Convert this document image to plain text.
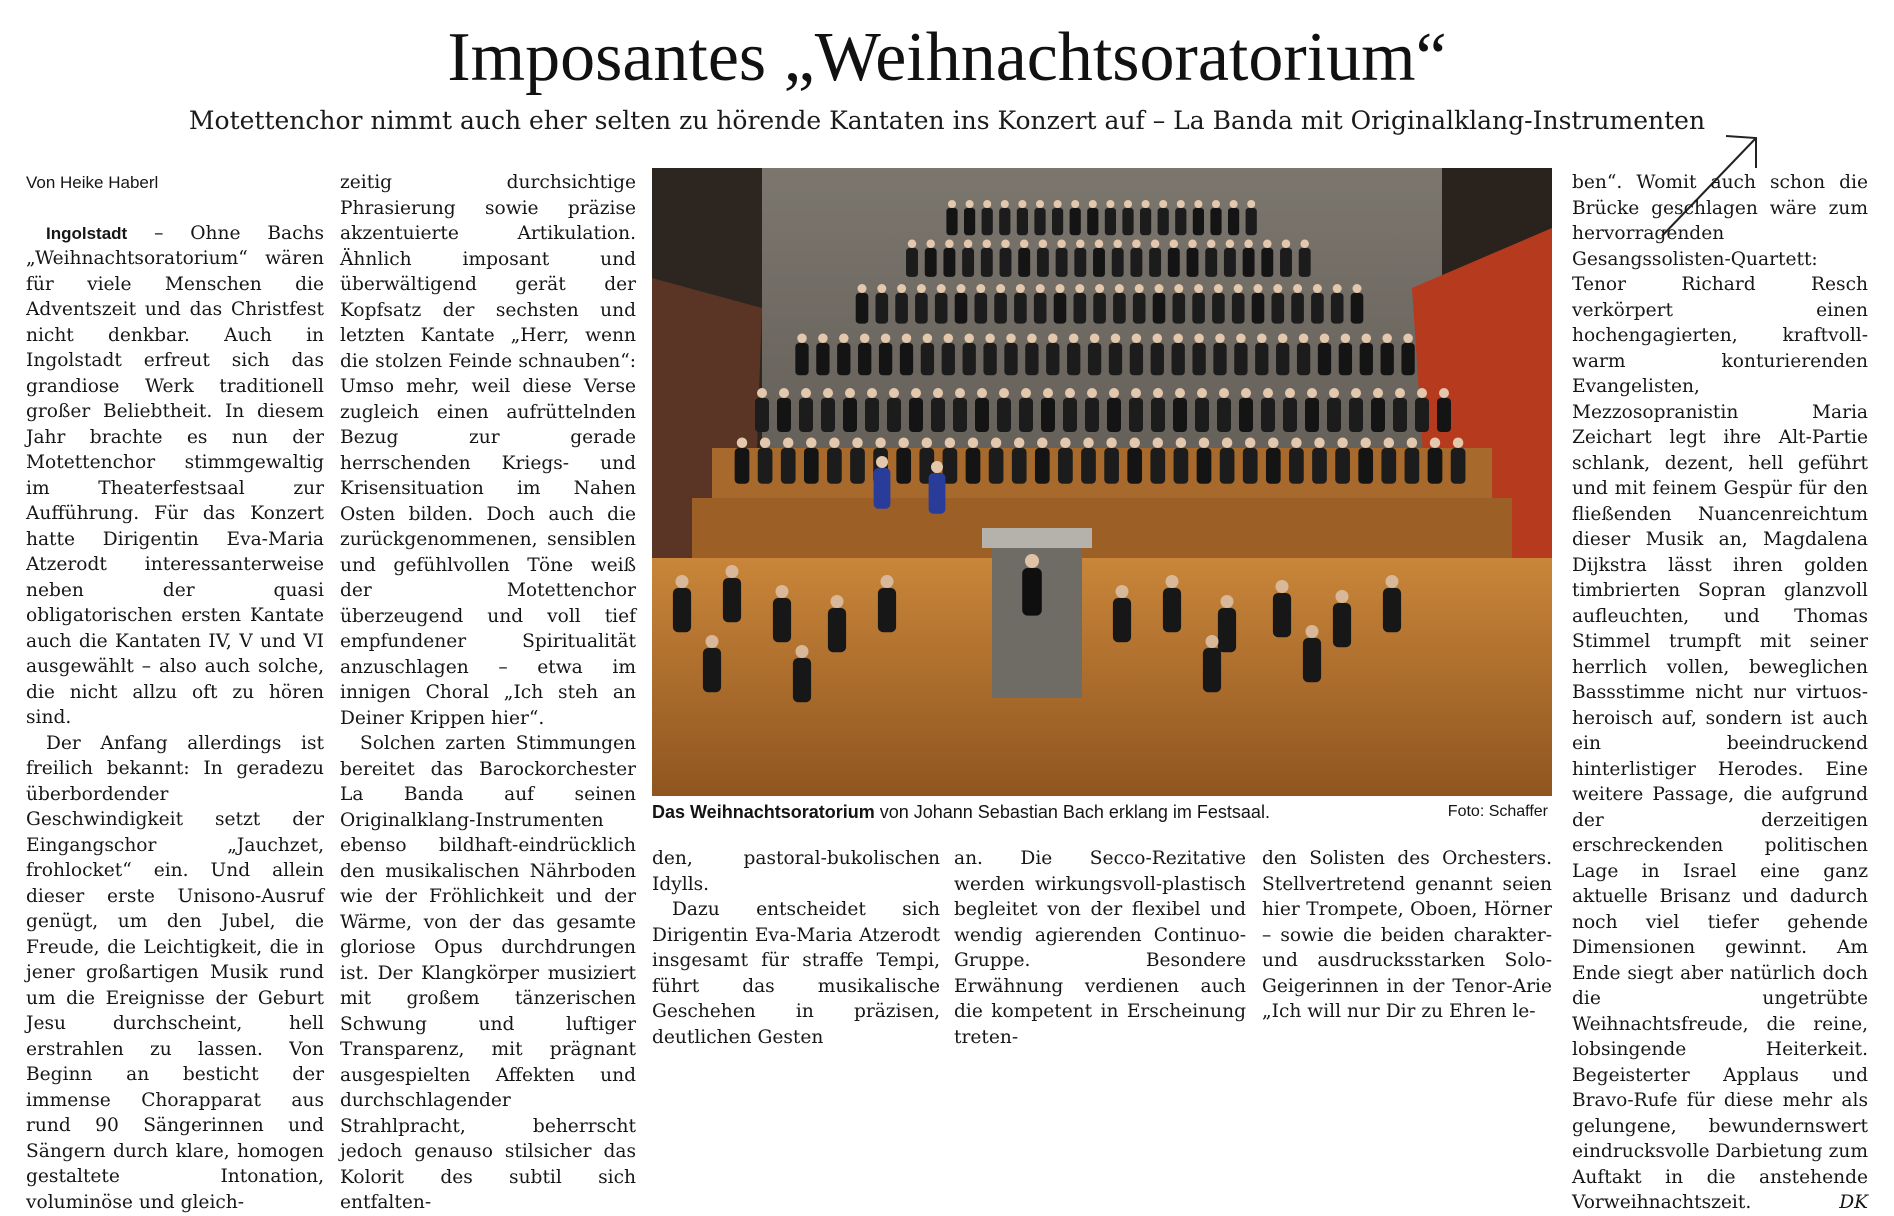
Imposantes „Weihnachtsoratorium“
Motettenchor nimmt auch eher selten zu hörende Kantaten ins Konzert auf – La Banda mit Originalklang-Instrumenten

Von Heike Haberl

Ingolstadt – Ohne Bachs „Weihnachtsoratorium“ wären für viele Menschen die Adventszeit und das Christfest nicht denkbar. Auch in Ingolstadt erfreut sich das grandiose Werk traditionell großer Beliebtheit. In diesem Jahr brachte es nun der Motettenchor stimmgewaltig im Theaterfestsaal zur Aufführung. Für das Konzert hatte Dirigentin Eva-Maria Atzerodt interessanterweise neben der quasi obligatorischen ersten Kantate auch die Kantaten IV, V und VI ausgewählt – also auch solche, die nicht allzu oft zu hören sind.

Der Anfang allerdings ist freilich bekannt: In geradezu überbordender Geschwindigkeit setzt der Eingangschor „Jauchzet, frohlocket“ ein. Und allein dieser erste Unisono-Ausruf genügt, um den Jubel, die Freude, die Leichtigkeit, die in jener großartigen Musik rund um die Ereignisse der Geburt Jesu durchscheint, hell erstrahlen zu lassen. Von Beginn an besticht der immense Chorapparat aus rund 90 Sängerinnen und Sängern durch klare, homogen gestaltete Intonation, voluminöse und gleich-

zeitig durchsichtige Phrasierung sowie präzise akzentuierte Artikulation. Ähnlich imposant und überwältigend gerät der Kopfsatz der sechsten und letzten Kantate „Herr, wenn die stolzen Feinde schnauben“: Umso mehr, weil diese Verse zugleich einen aufrüttelnden Bezug zur gerade herrschenden Kriegs- und Krisensituation im Nahen Osten bilden. Doch auch die zurückgenommenen, sensiblen und gefühlvollen Töne weiß der Motettenchor überzeugend und voll tief empfundener Spiritualität anzuschlagen – etwa im innigen Choral „Ich steh an Deiner Krippen hier“.

Solchen zarten Stimmungen bereitet das Barockorchester La Banda auf seinen Originalklang-Instrumenten ebenso bildhaft-eindrücklich den musikalischen Nährboden wie der Fröhlichkeit und der Wärme, von der das gesamte gloriose Opus durchdrungen ist. Der Klangkörper musiziert mit großem tänzerischen Schwung und luftiger Transparenz, mit prägnant ausgespielten Affekten und durchschlagender Strahlpracht, beherrscht jedoch genauso stilsicher das Kolorit des subtil sich entfalten-

Das Weihnachtsoratorium von Johann Sebastian Bach erklang im Festsaal.	Foto: Schaffer

den, pastoral-bukolischen Idylls.

Dazu entscheidet sich Dirigentin Eva-Maria Atzerodt insgesamt für straffe Tempi, führt das musikalische Geschehen in präzisen, deutlichen Gesten

an. Die Secco-Rezitative werden wirkungsvoll-plastisch begleitet von der flexibel und wendig agierenden Continuo-Gruppe. Besondere Erwähnung verdienen auch die kompetent in Erscheinung treten-

den Solisten des Orchesters. Stellvertretend genannt seien hier Trompete, Oboen, Hörner – sowie die beiden charakter- und ausdrucksstarken Solo-Geigerinnen in der Tenor-Arie „Ich will nur Dir zu Ehren le-

ben“. Womit auch schon die Brücke geschlagen wäre zum hervorragenden Gesangssolisten-Quartett: Tenor Richard Resch verkörpert einen hochengagierten, kraftvoll-warm konturierenden Evangelisten, Mezzosopranistin Maria Zeichart legt ihre Alt-Partie schlank, dezent, hell geführt und mit feinem Gespür für den fließenden Nuancenreichtum dieser Musik an, Magdalena Dijkstra lässt ihren golden timbrierten Sopran glanzvoll aufleuchten, und Thomas Stimmel trumpft mit seiner herrlich vollen, beweglichen Bassstimme nicht nur virtuos-heroisch auf, sondern ist auch ein beeindruckend hinterlistiger Herodes. Eine weitere Passage, die aufgrund der derzeitigen erschreckenden politischen Lage in Israel eine ganz aktuelle Brisanz und dadurch noch viel tiefer gehende Dimensionen gewinnt. Am Ende siegt aber natürlich doch die ungetrübte Weihnachtsfreude, die reine, lobsingende Heiterkeit. Begeisterter Applaus und Bravo-Rufe für diese mehr als gelungene, bewundernswert eindrucksvolle Darbietung zum Auftakt in die anstehende Vorweihnachtszeit.	DK
